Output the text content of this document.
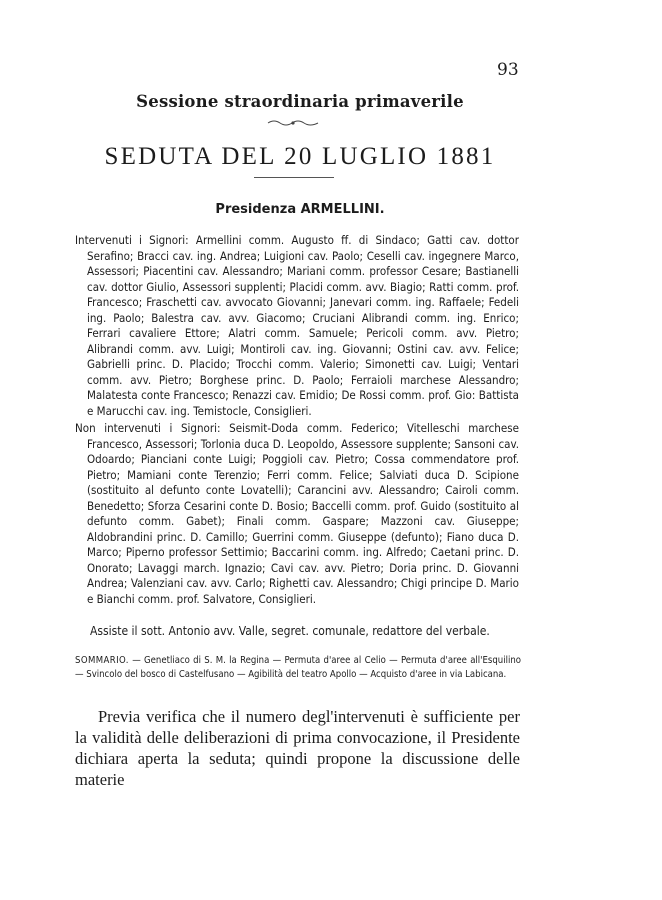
93
Sessione straordinaria primaverile
SEDUTA DEL 20 LUGLIO 1881
Presidenza ARMELLINI.

Intervenuti i Signori: Armellini comm. Augusto ff. di Sindaco; Gatti cav. dottor Serafino; Bracci cav. ing. Andrea; Luigioni cav. Paolo; Ceselli cav. ingegnere Marco, Assessori; Piacentini cav. Alessandro; Mariani comm. professor Cesare; Bastianelli cav. dottor Giulio, Assessori supplenti; Placidi comm. avv. Biagio; Ratti comm. prof. Francesco; Fraschetti cav. avvocato Giovanni; Janevari comm. ing. Raffaele; Fedeli ing. Paolo; Balestra cav. avv. Giacomo; Cruciani Alibrandi comm. ing. Enrico; Ferrari cavaliere Ettore; Alatri comm. Samuele; Pericoli comm. avv. Pietro; Alibrandi comm. avv. Luigi; Montiroli cav. ing. Giovanni; Ostini cav. avv. Felice; Gabrielli princ. D. Placido; Trocchi comm. Valerio; Simonetti cav. Luigi; Ventari comm. avv. Pietro; Borghese princ. D. Paolo; Ferraioli marchese Alessandro; Malatesta conte Francesco; Renazzi cav. Emidio; De Rossi comm. prof. Gio: Battista e Marucchi cav. ing. Temistocle, Consiglieri.

Non intervenuti i Signori: Seismit-Doda comm. Federico; Vitelleschi marchese Francesco, Assessori; Torlonia duca D. Leopoldo, Assessore supplente; Sansoni cav. Odoardo; Pianciani conte Luigi; Poggioli cav. Pietro; Cossa commendatore prof. Pietro; Mamiani conte Terenzio; Ferri comm. Felice; Salviati duca D. Scipione (sostituito al defunto conte Lovatelli); Carancini avv. Alessandro; Cairoli comm. Benedetto; Sforza Cesarini conte D. Bosio; Baccelli comm. prof. Guido (sostituito al defunto comm. Gabet); Finali comm. Gaspare; Mazzoni cav. Giuseppe; Aldobrandini princ. D. Camillo; Guerrini comm. Giuseppe (defunto); Fiano duca D. Marco; Piperno professor Settimio; Baccarini comm. ing. Alfredo; Caetani princ. D. Onorato; Lavaggi march. Ignazio; Cavi cav. avv. Pietro; Doria princ. D. Giovanni Andrea; Valenziani cav. avv. Carlo; Righetti cav. Alessandro; Chigi principe D. Mario e Bianchi comm. prof. Salvatore, Consiglieri.

Assiste il sott. Antonio avv. Valle, segret. comunale, redattore del verbale.
SOMMARIO. — Genetliaco di S. M. la Regina — Permuta d'aree al Celio — Permuta d'aree all'Esquilino — Svincolo del bosco di Castelfusano — Agibilità del teatro Apollo — Acquisto d'aree in via Labicana.

Previa verifica che il numero degl'intervenuti è sufficiente per la validità delle deliberazioni di prima convocazione, il Presidente dichiara aperta la seduta; quindi propone la discussione delle materie
